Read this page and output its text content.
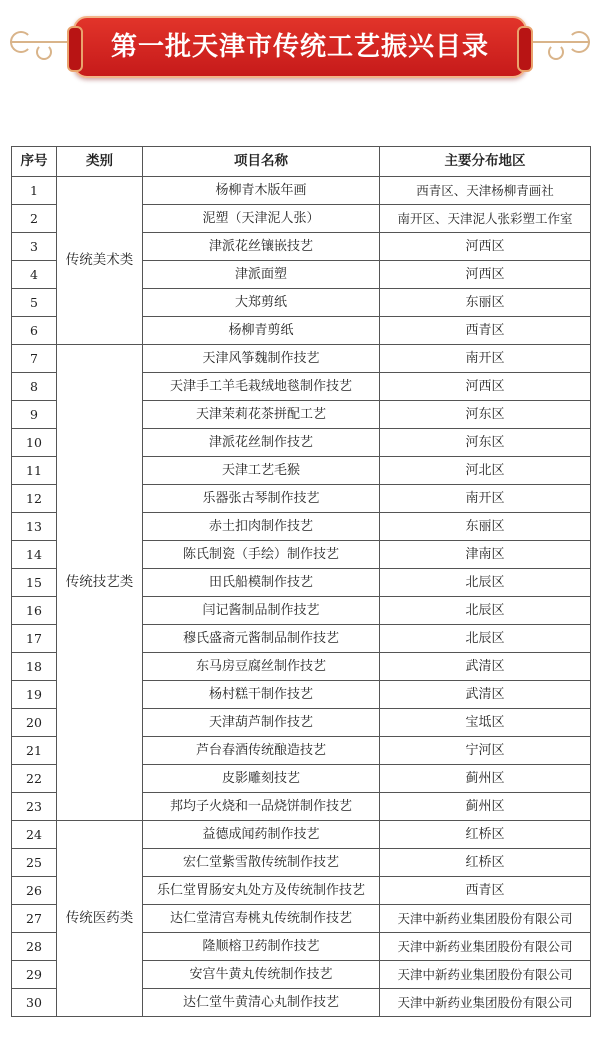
第一批天津市传统工艺振兴目录
序号	类别	项目名称	主要分布地区
1	传统美术类	杨柳青木版年画	西青区、天津杨柳青画社
2		泥塑（天津泥人张）	南开区、天津泥人张彩塑工作室
3		津派花丝镶嵌技艺	河西区
4		津派面塑	河西区
5		大郑剪纸	东丽区
6		杨柳青剪纸	西青区
7	传统技艺类	天津风筝魏制作技艺	南开区
8		天津手工羊毛栽绒地毯制作技艺	河西区
9		天津茉莉花茶拼配工艺	河东区
10		津派花丝制作技艺	河东区
11		天津工艺毛猴	河北区
12		乐器张古琴制作技艺	南开区
13		赤土扣肉制作技艺	东丽区
14		陈氏制瓷（手绘）制作技艺	津南区
15		田氏船模制作技艺	北辰区
16		闫记酱制品制作技艺	北辰区
17		穆氏盛斋元酱制品制作技艺	北辰区
18		东马房豆腐丝制作技艺	武清区
19		杨村糕干制作技艺	武清区
20		天津葫芦制作技艺	宝坻区
21		芦台春酒传统酿造技艺	宁河区
22		皮影雕刻技艺	蓟州区
23		邦均子火烧和一品烧饼制作技艺	蓟州区
24	传统医药类	益德成闻药制作技艺	红桥区
25		宏仁堂紫雪散传统制作技艺	红桥区
26		乐仁堂胃肠安丸处方及传统制作技艺	西青区
27		达仁堂清宫寿桃丸传统制作技艺	天津中新药业集团股份有限公司
28		隆顺榕卫药制作技艺	天津中新药业集团股份有限公司
29		安宫牛黄丸传统制作技艺	天津中新药业集团股份有限公司
30		达仁堂牛黄清心丸制作技艺	天津中新药业集团股份有限公司
